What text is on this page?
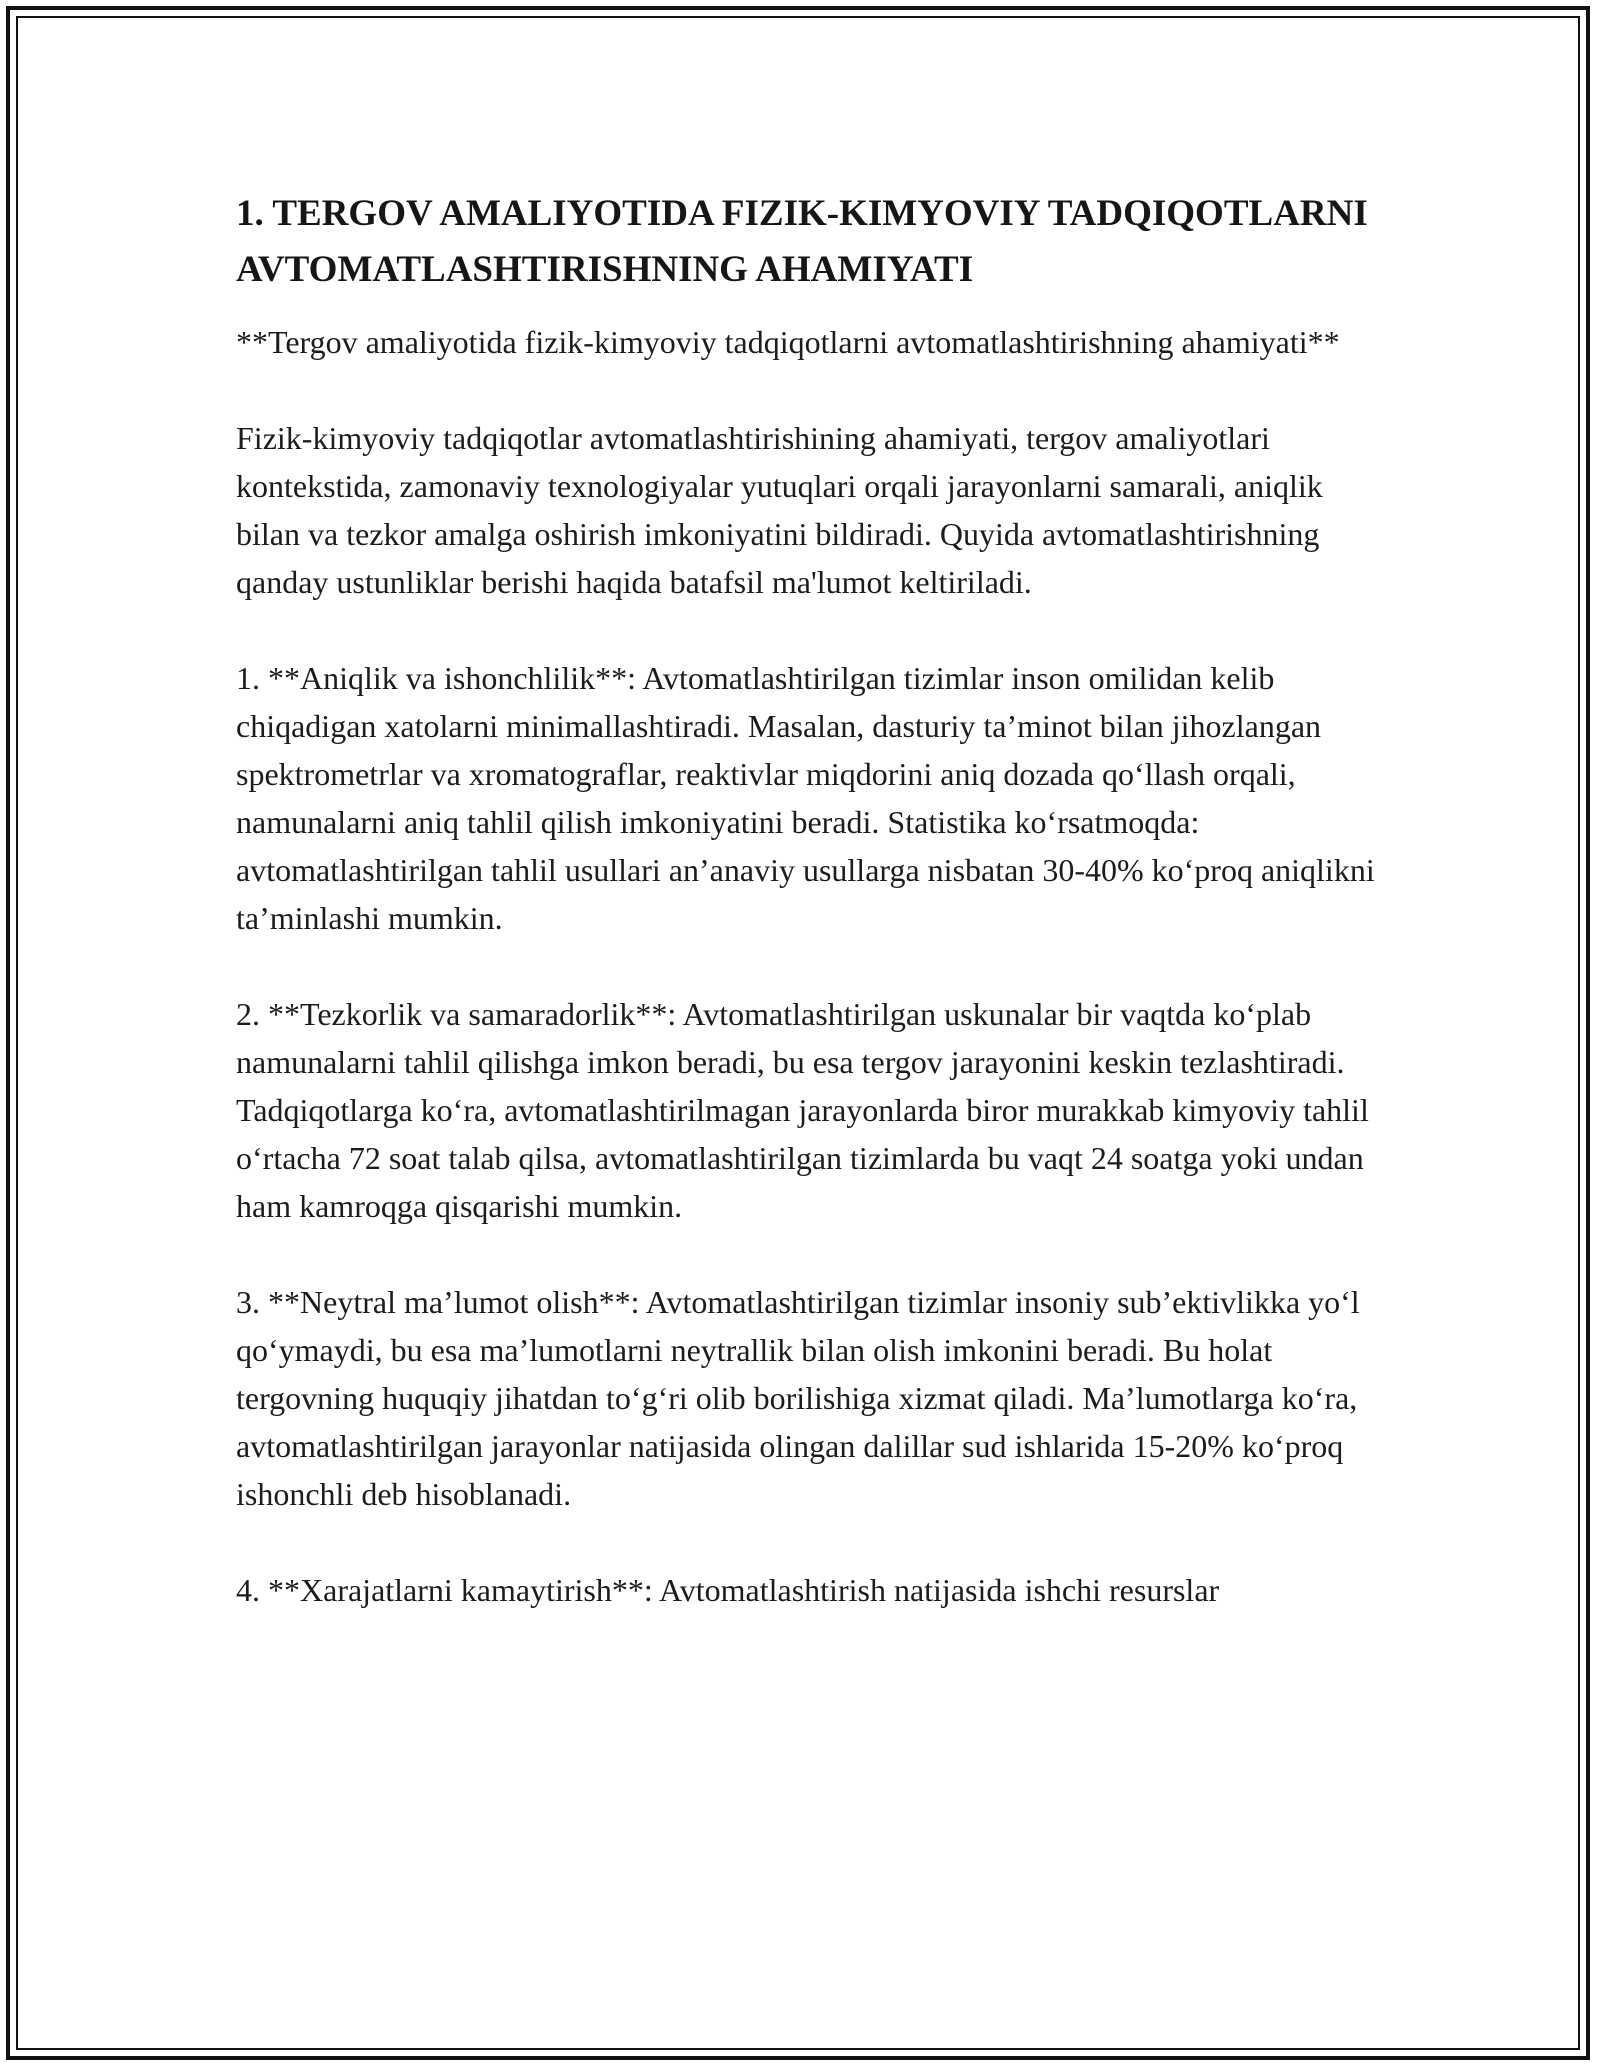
1. TERGOV AMALIYOTIDA FIZIK-KIMYOVIY TADQIQOTLARNI AVTOMATLASHTIRISHNING AHAMIYATI

**Tergov amaliyotida fizik-kimyoviy tadqiqotlarni avtomatlashtirishning ahamiyati**

Fizik-kimyoviy tadqiqotlar avtomatlashtirishining ahamiyati, tergov amaliyotlari kontekstida, zamonaviy texnologiyalar yutuqlari orqali jarayonlarni samarali, aniqlik bilan va tezkor amalga oshirish imkoniyatini bildiradi. Quyida avtomatlashtirishning qanday ustunliklar berishi haqida batafsil ma'lumot keltiriladi.

1. **Aniqlik va ishonchlilik**: Avtomatlashtirilgan tizimlar inson omilidan kelib chiqadigan xatolarni minimallashtiradi. Masalan, dasturiy ta’minot bilan jihozlangan spektrometrlar va xromatograflar, reaktivlar miqdorini aniq dozada qo‘llash orqali, namunalarni aniq tahlil qilish imkoniyatini beradi. Statistika ko‘rsatmoqda: avtomatlashtirilgan tahlil usullari an’anaviy usullarga nisbatan 30-40% ko‘proq aniqlikni ta’minlashi mumkin.

2. **Tezkorlik va samaradorlik**: Avtomatlashtirilgan uskunalar bir vaqtda ko‘plab namunalarni tahlil qilishga imkon beradi, bu esa tergov jarayonini keskin tezlashtiradi. Tadqiqotlarga ko‘ra, avtomatlashtirilmagan jarayonlarda biror murakkab kimyoviy tahlil o‘rtacha 72 soat talab qilsa, avtomatlashtirilgan tizimlarda bu vaqt 24 soatga yoki undan ham kamroqga qisqarishi mumkin.

3. **Neytral ma’lumot olish**: Avtomatlashtirilgan tizimlar insoniy sub’ektivlikka yo‘l qo‘ymaydi, bu esa ma’lumotlarni neytrallik bilan olish imkonini beradi. Bu holat tergovning huquqiy jihatdan to‘g‘ri olib borilishiga xizmat qiladi. Ma’lumotlarga ko‘ra, avtomatlashtirilgan jarayonlar natijasida olingan dalillar sud ishlarida 15-20% ko‘proq ishonchli deb hisoblanadi.

4. **Xarajatlarni kamaytirish**: Avtomatlashtirish natijasida ishchi resurslar
